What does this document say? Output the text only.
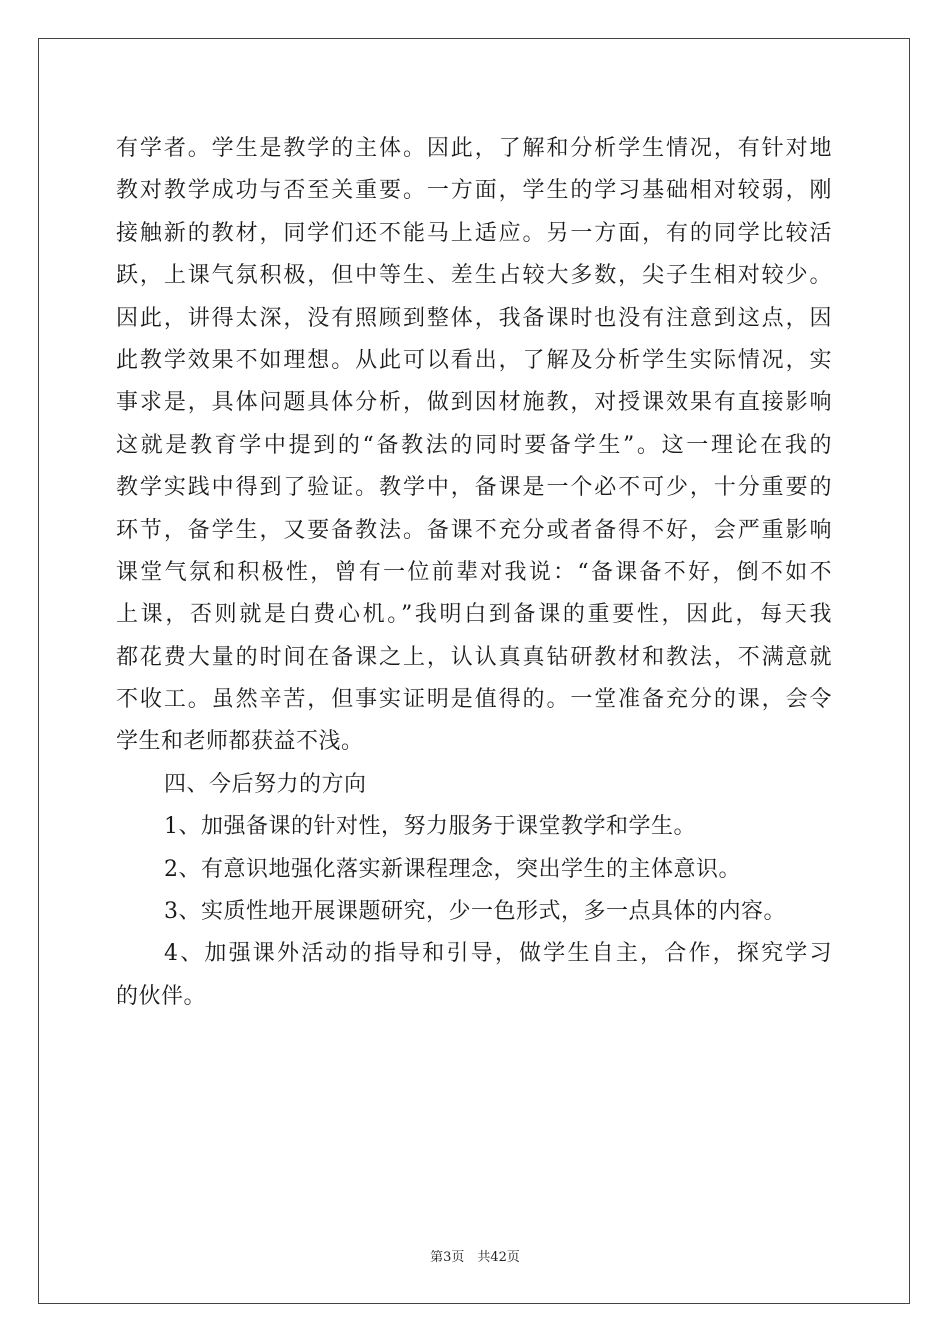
有学者。学生是教学的主体。因此，了解和分析学生情况，有针对地
教对教学成功与否至关重要。一方面，学生的学习基础相对较弱，刚
接触新的教材，同学们还不能马上适应。另一方面，有的同学比较活
跃，上课气氛积极，但中等生、差生占较大多数，尖子生相对较少。
因此，讲得太深，没有照顾到整体，我备课时也没有注意到这点，因
此教学效果不如理想。从此可以看出，了解及分析学生实际情况，实
事求是，具体问题具体分析，做到因材施教，对授课效果有直接影响
这就是教育学中提到的“备教法的同时要备学生”。这一理论在我的
教学实践中得到了验证。教学中，备课是一个必不可少，十分重要的
环节，备学生，又要备教法。备课不充分或者备得不好，会严重影响
课堂气氛和积极性，曾有一位前辈对我说：“备课备不好，倒不如不
上课，否则就是白费心机。”我明白到备课的重要性，因此，每天我
都花费大量的时间在备课之上，认认真真钻研教材和教法，不满意就
不收工。虽然辛苦，但事实证明是值得的。一堂准备充分的课，会令
学生和老师都获益不浅。
四、今后努力的方向
1、加强备课的针对性，努力服务于课堂教学和学生。
2、有意识地强化落实新课程理念，突出学生的主体意识。
3、实质性地开展课题研究，少一色形式，多一点具体的内容。
4、加强课外活动的指导和引导，做学生自主，合作，探究学习
的伙伴。
第3页　共42页
